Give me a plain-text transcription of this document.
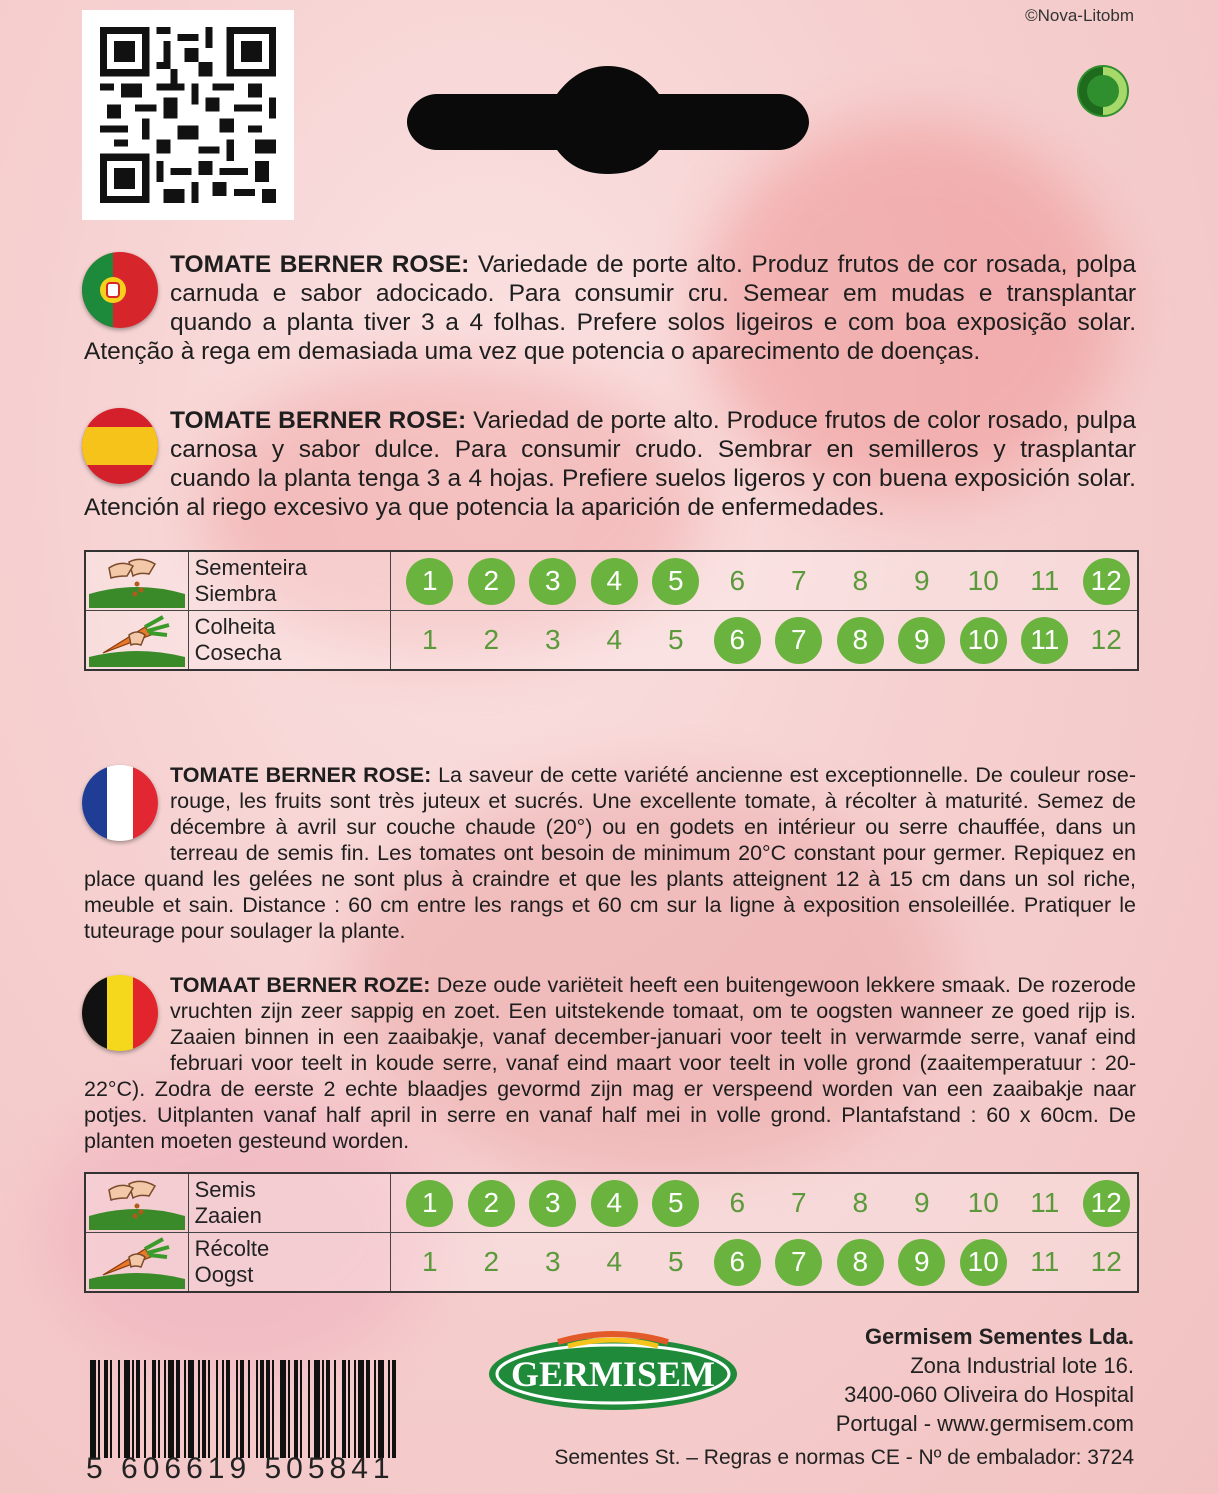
©Nova-Litobm
TOMATE BERNER ROSE: Variedade de porte alto. Produz frutos de cor rosada, polpa carnuda e sabor adocicado. Para consumir cru. Semear em mudas e transplantar quando a planta tiver 3 a 4 folhas. Prefere solos ligeiros e com boa exposição solar. Atenção à rega em demasiada uma vez que potencia o aparecimento de doenças.
TOMATE BERNER ROSE: Variedad de porte alto. Produce frutos de color rosado, pulpa carnosa y sabor dulce. Para consumir crudo. Sembrar en semilleros y trasplantar cuando la planta tenga 3 a 4 hojas. Prefiere suelos ligeros y con buena exposición solar. Atención al riego excesivo ya que potencia la aparición de enfermedades.
Sementeira
Siembra	1	2	3	4	5	6	7	8	9	10	11	12
Colheita
Cosecha	1	2	3	4	5	6	7	8	9	10	11	12
TOMATE BERNER ROSE: La saveur de cette variété ancienne est exceptionnelle. De couleur rose-rouge, les fruits sont très juteux et sucrés. Une excellente tomate, à récolter à maturité. Semez de décembre à avril sur couche chaude (20°) ou en godets en intérieur ou serre chauffée, dans un terreau de semis fin. Les tomates ont besoin de minimum 20°C constant pour germer. Repiquez en place quand les gelées ne sont plus à craindre et que les plants atteignent 12 à 15 cm dans un sol riche, meuble et sain. Distance : 60 cm entre les rangs et 60 cm sur la ligne à exposition ensoleillée. Pratiquer le tuteurage pour soulager la plante.
TOMAAT BERNER ROZE: Deze oude variëteit heeft een buitengewoon lekkere smaak. De rozerode vruchten zijn zeer sappig en zoet. Een uitstekende tomaat, om te oogsten wanneer ze goed rijp is. Zaaien binnen in een zaaibakje, vanaf december-januari voor teelt in verwarmde serre, vanaf eind februari voor teelt in koude serre, vanaf eind maart voor teelt in volle grond (zaaitemperatuur : 20-22°C). Zodra de eerste 2 echte blaadjes gevormd zijn mag er verspeend worden van een zaaibakje naar potjes. Uitplanten vanaf half april in serre en vanaf half mei in volle grond. Plantafstand : 60 x 60cm. De planten moeten gesteund worden.
Semis
Zaaien	1	2	3	4	5	6	7	8	9	10	11	12
Récolte
Oogst	1	2	3	4	5	6	7	8	9	10	11	12
5 606619 505841
GERMISEM
Germisem Sementes Lda.
Zona Industrial lote 16.
3400-060 Oliveira do Hospital
Portugal - www.germisem.com
Sementes St. – Regras e normas CE - Nº de embalador: 3724
